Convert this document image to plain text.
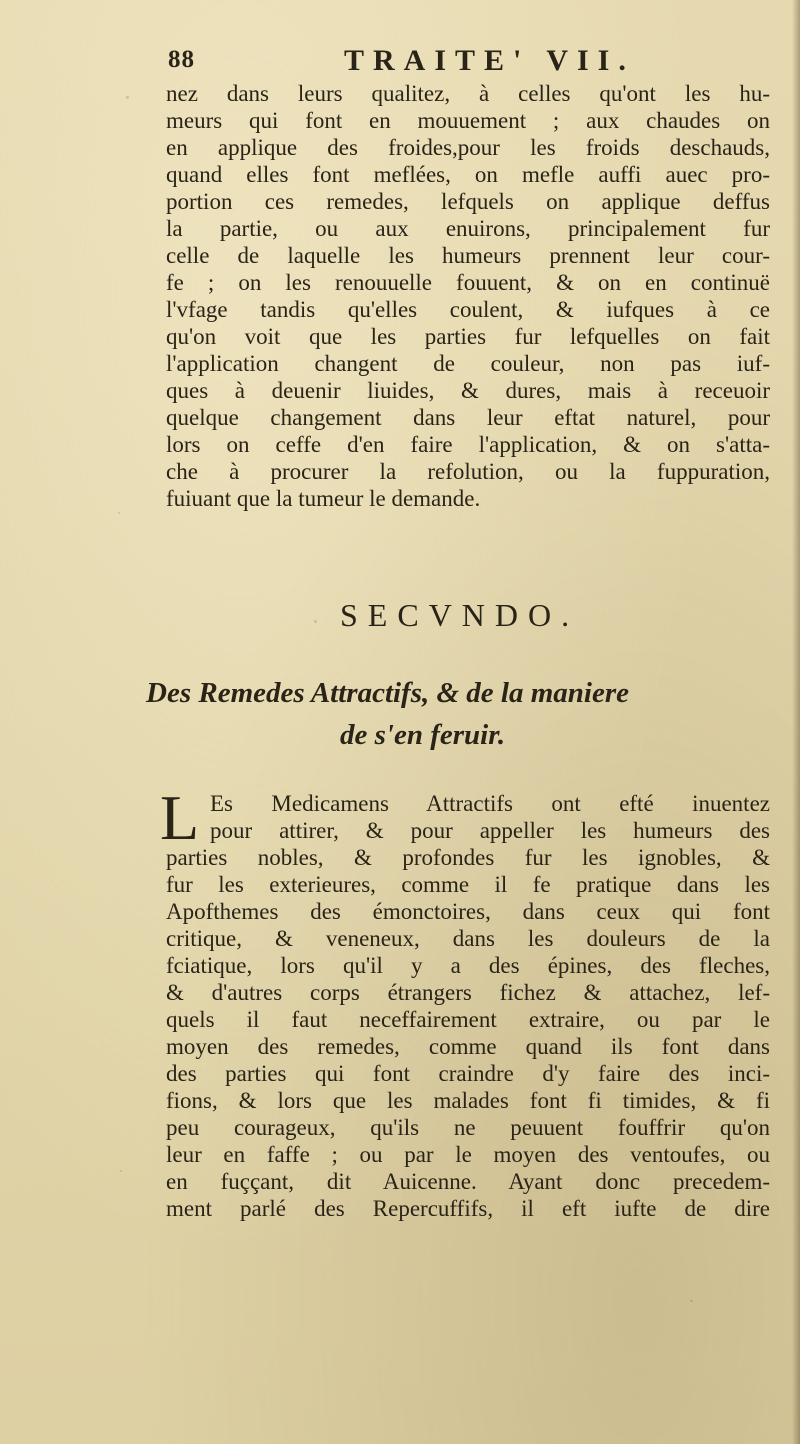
88	TRAITE' VII.
nez dans leurs qualitez, à celles qu'ont les hu-
meurs qui font en mouuement ; aux chaudes on
en applique des froides,pour les froids deschauds,
quand elles font meflées, on mefle auffi auec pro-
portion ces remedes, lefquels on applique deffus
la partie, ou aux enuirons, principalement fur
celle de laquelle les humeurs prennent leur cour-
fe ; on les renouuelle fouuent, & on en continuë
l'vfage tandis qu'elles coulent, & iufques à ce
qu'on voit que les parties fur lefquelles on fait
l'application changent de couleur, non pas iuf-
ques à deuenir liuides, & dures, mais à receuoir
quelque changement dans leur eftat naturel, pour
lors on ceffe d'en faire l'application, & on s'atta-
che à procurer la refolution, ou la fuppuration,
fuiuant que la tumeur le demande.
SECVNDO.
Des Remedes Attractifs, & de la maniere
de s'en feruir.
L Es Medicamens Attractifs ont efté inuentez
pour attirer, & pour appeller les humeurs des
parties nobles, & profondes fur les ignobles, &
fur les exterieures, comme il fe pratique dans les
Apofthemes des émonctoires, dans ceux qui font
critique, & veneneux, dans les douleurs de la
fciatique, lors qu'il y a des épines, des fleches,
& d'autres corps étrangers fichez & attachez, lef-
quels il faut neceffairement extraire, ou par le
moyen des remedes, comme quand ils font dans
des parties qui font craindre d'y faire des inci-
fions, & lors que les malades font fi timides, & fi
peu courageux, qu'ils ne peuuent fouffrir qu'on
leur en faffe ; ou par le moyen des ventoufes, ou
en fuççant, dit Auicenne. Ayant donc precedem-
ment parlé des Repercuffifs, il eft iufte de dire
